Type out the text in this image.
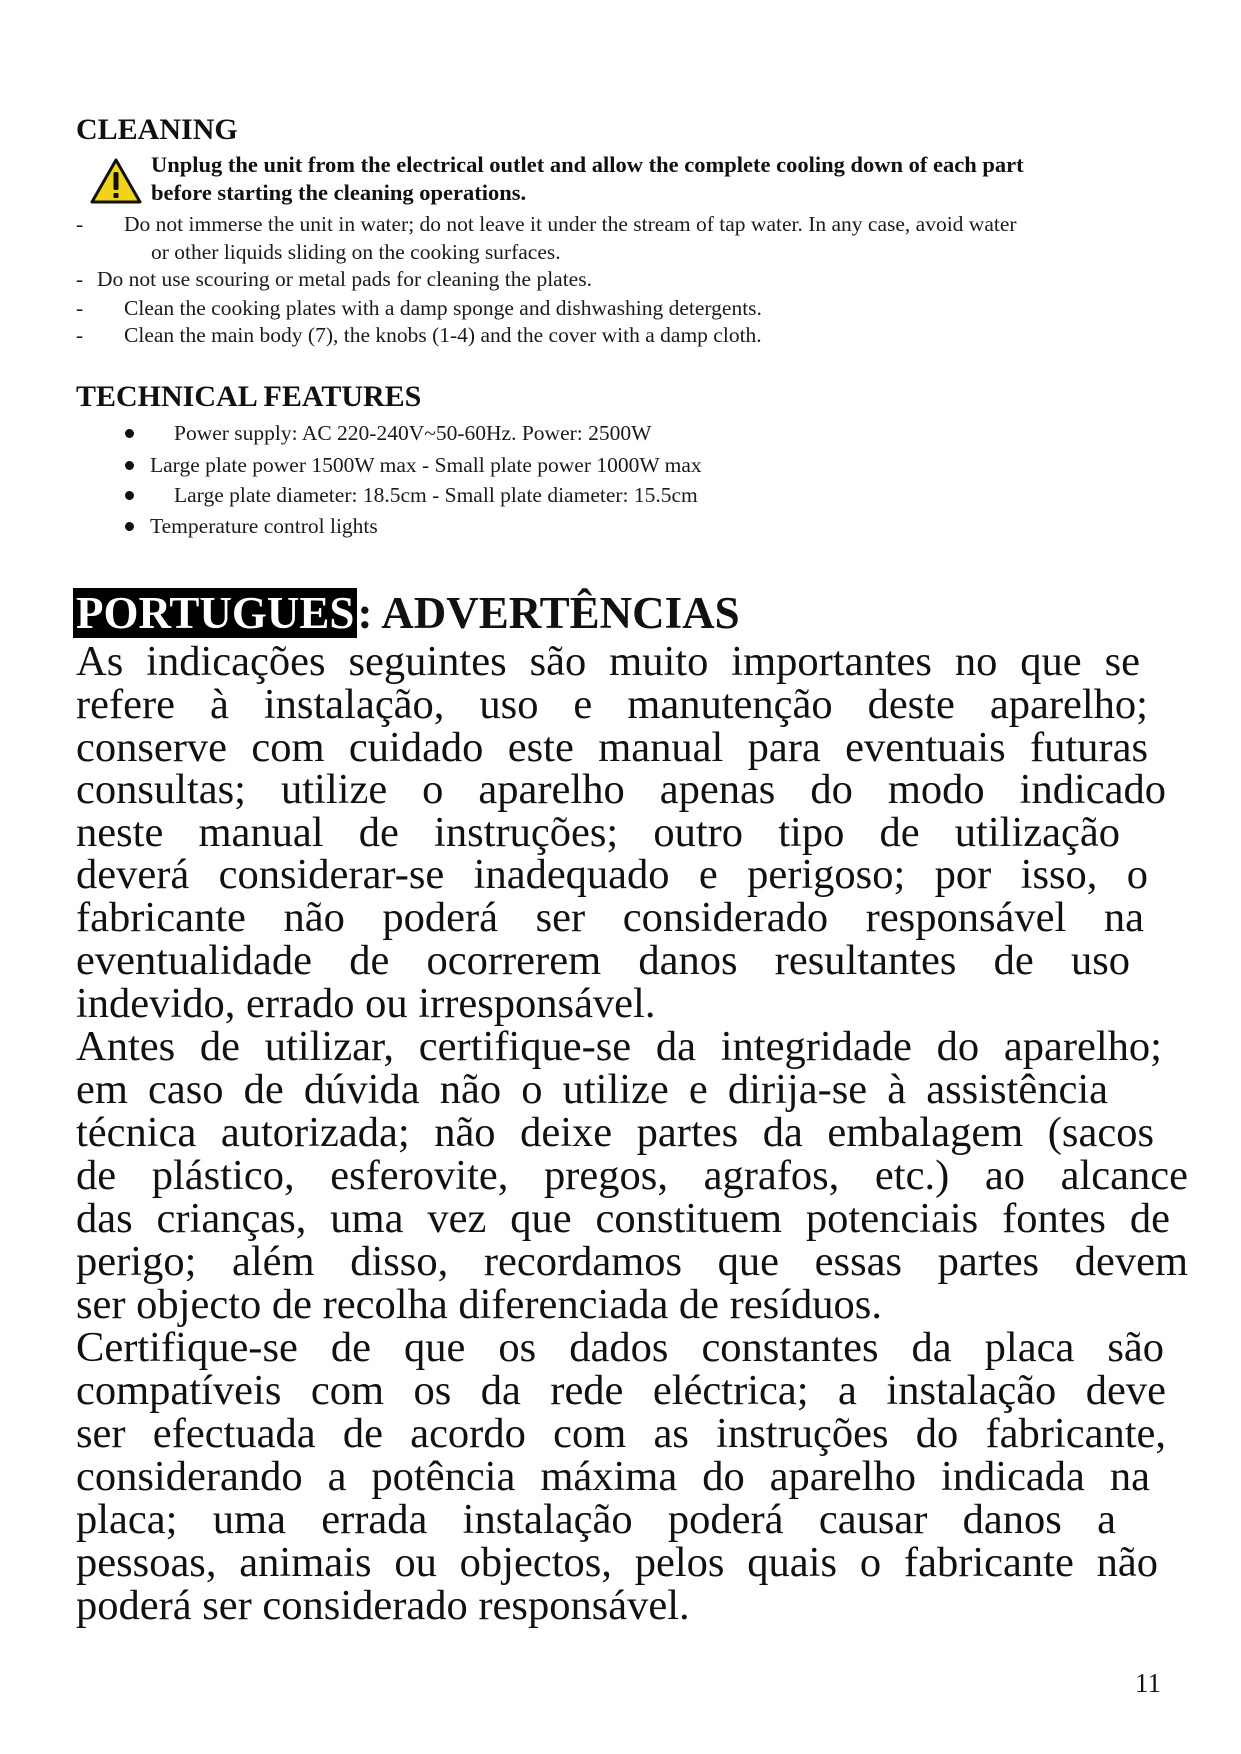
CLEANING
Unplug the unit from the electrical outlet and allow the complete cooling down of each part
before starting the cleaning operations.
- Do not immerse the unit in water; do not leave it under the stream of tap water. In any case, avoid water
or other liquids sliding on the cooking surfaces.
- Do not use scouring or metal pads for cleaning the plates.
- Clean the cooking plates with a damp sponge and dishwashing detergents.
- Clean the main body (7), the knobs (1-4) and the cover with a damp cloth.
TECHNICAL FEATURES
Power supply: AC 220-240V~50-60Hz. Power: 2500W
Large plate power 1500W max - Small plate power 1000W max
Large plate diameter: 18.5cm - Small plate diameter: 15.5cm
Temperature control lights
PORTUGUES: ADVERTÊNCIAS
As indicações seguintes são muito importantes no que se
refere à instalação, uso e manutenção deste aparelho;
conserve com cuidado este manual para eventuais futuras
consultas; utilize o aparelho apenas do modo indicado
neste manual de instruções; outro tipo de utilização
deverá considerar-se inadequado e perigoso; por isso, o
fabricante não poderá ser considerado responsável na
eventualidade de ocorrerem danos resultantes de uso
indevido, errado ou irresponsável.
Antes de utilizar, certifique-se da integridade do aparelho;
em caso de dúvida não o utilize e dirija-se à assistência
técnica autorizada; não deixe partes da embalagem (sacos
de plástico, esferovite, pregos, agrafos, etc.) ao alcance
das crianças, uma vez que constituem potenciais fontes de
perigo; além disso, recordamos que essas partes devem
ser objecto de recolha diferenciada de resíduos.
Certifique-se de que os dados constantes da placa são
compatíveis com os da rede eléctrica; a instalação deve
ser efectuada de acordo com as instruções do fabricante,
considerando a potência máxima do aparelho indicada na
placa; uma errada instalação poderá causar danos a
pessoas, animais ou objectos, pelos quais o fabricante não
poderá ser considerado responsável.
11
